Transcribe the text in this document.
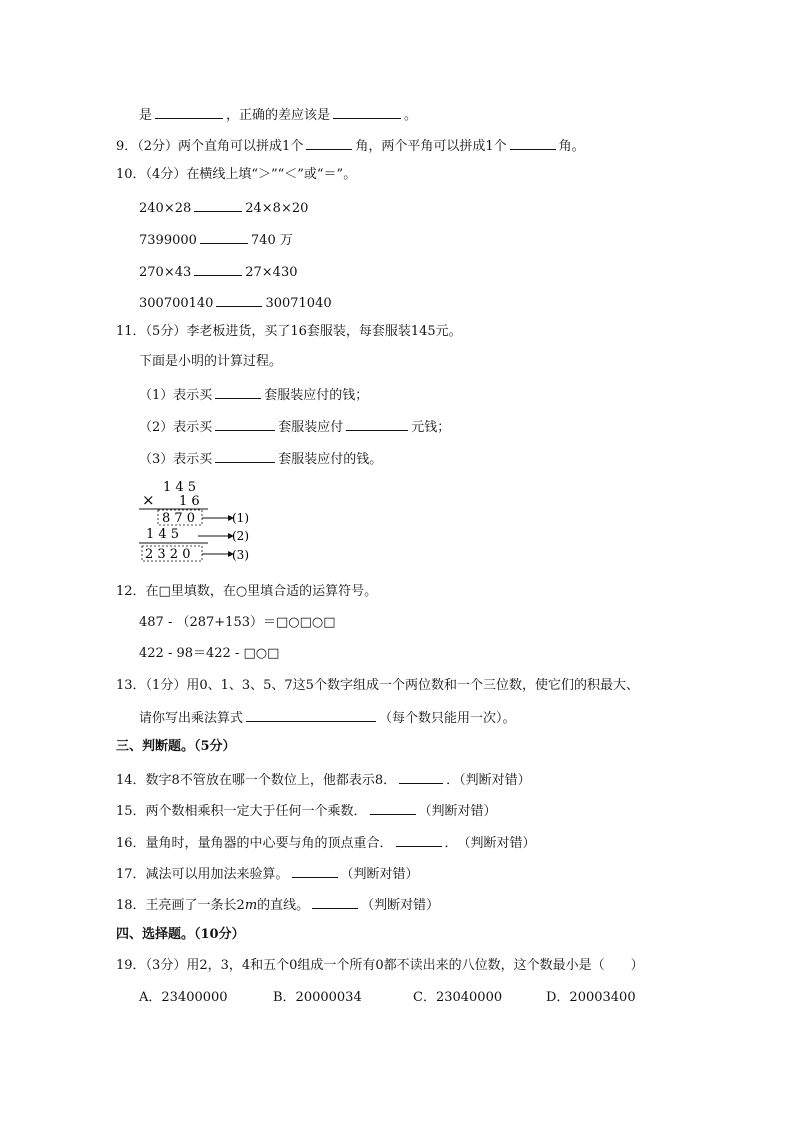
是	，正确的差应该是	。
9．（2分）两个直角可以拼成1个	角，两个平角可以拼成1个	角。
10．（4分）在横线上填“＞”“＜”或“＝”。
240×28	24×8×20
7399000	740 万
270×43	27×430
300700140	30071040
11．（5分）李老板进货，买了16套服装，每套服装145元。
下面是小明的计算过程。
（1）表示买	套服装应付的钱；
（2）表示买	套服装应付	元钱；
（3）表示买	套服装应付的钱。
1 4 5
× 1 6
8 7 0	(1)
1 4 5	(2)
2 3 2 0	(3)
12．在□里填数，在○里填合适的运算符号。
487 - （287+153）＝□○□○□
422 - 98＝422 - □○□
13．（1分）用0、1、3、5、7这5个数字组成一个两位数和一个三位数，使它们的积最大、
请你写出乘法算式	（每个数只能用一次）。
三、判断题。（5分）
14．数字8不管放在哪一个数位上，他都表示8．	．（判断对错）
15．两个数相乘积一定大于任何一个乘数．	（判断对错）
16．量角时，量角器的中心要与角的顶点重合．	．　（判断对错）
17．减法可以用加法来验算。	（判断对错）
18．王亮画了一条长2m的直线。	（判断对错）
四、选择题。（10分）
19．（3分）用2，3，4和五个0组成一个所有0都不读出来的八位数，这个数最小是（　　）
A．23400000	B．20000034	C．23040000	D．20003400
